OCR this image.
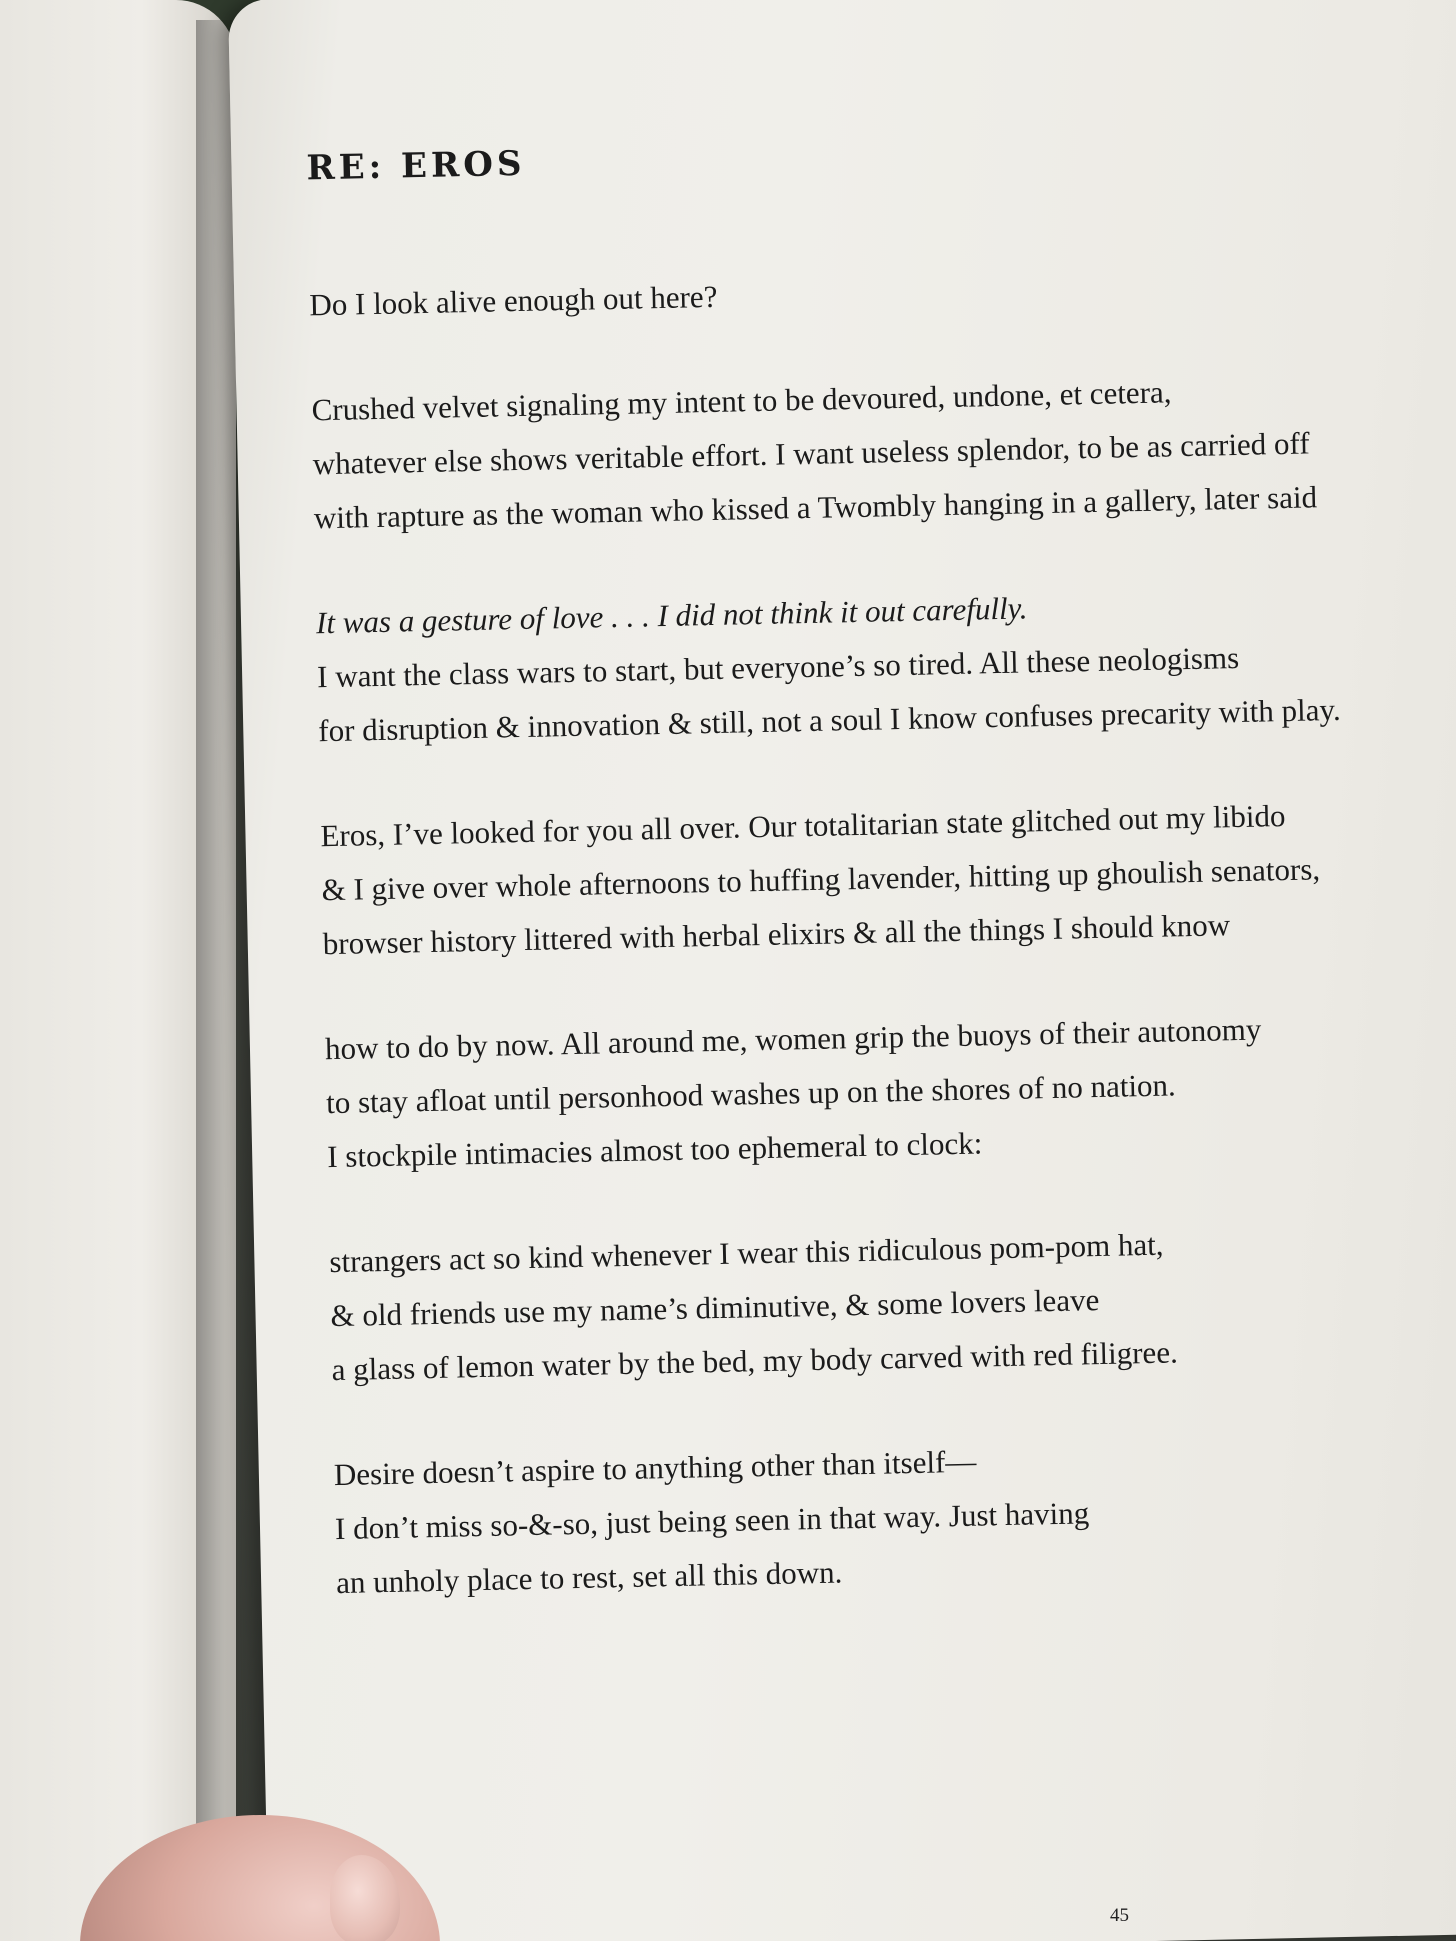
RE: EROS
Do I look alive enough out here?
Crushed velvet signaling my intent to be devoured, undone, et cetera,
whatever else shows veritable effort. I want useless splendor, to be as carried off
with rapture as the woman who kissed a Twombly hanging in a gallery, later said
It was a gesture of love . . . I did not think it out carefully.
I want the class wars to start, but everyone’s so tired. All these neologisms
for disruption & innovation & still, not a soul I know confuses precarity with play.
Eros, I’ve looked for you all over. Our totalitarian state glitched out my libido
& I give over whole afternoons to huffing lavender, hitting up ghoulish senators,
browser history littered with herbal elixirs & all the things I should know
how to do by now. All around me, women grip the buoys of their autonomy
to stay afloat until personhood washes up on the shores of no nation.
I stockpile intimacies almost too ephemeral to clock:
strangers act so kind whenever I wear this ridiculous pom-pom hat,
& old friends use my name’s diminutive, & some lovers leave
a glass of lemon water by the bed, my body carved with red filigree.
Desire doesn’t aspire to anything other than itself—
I don’t miss so-&-so, just being seen in that way. Just having
an unholy place to rest, set all this down.
45
